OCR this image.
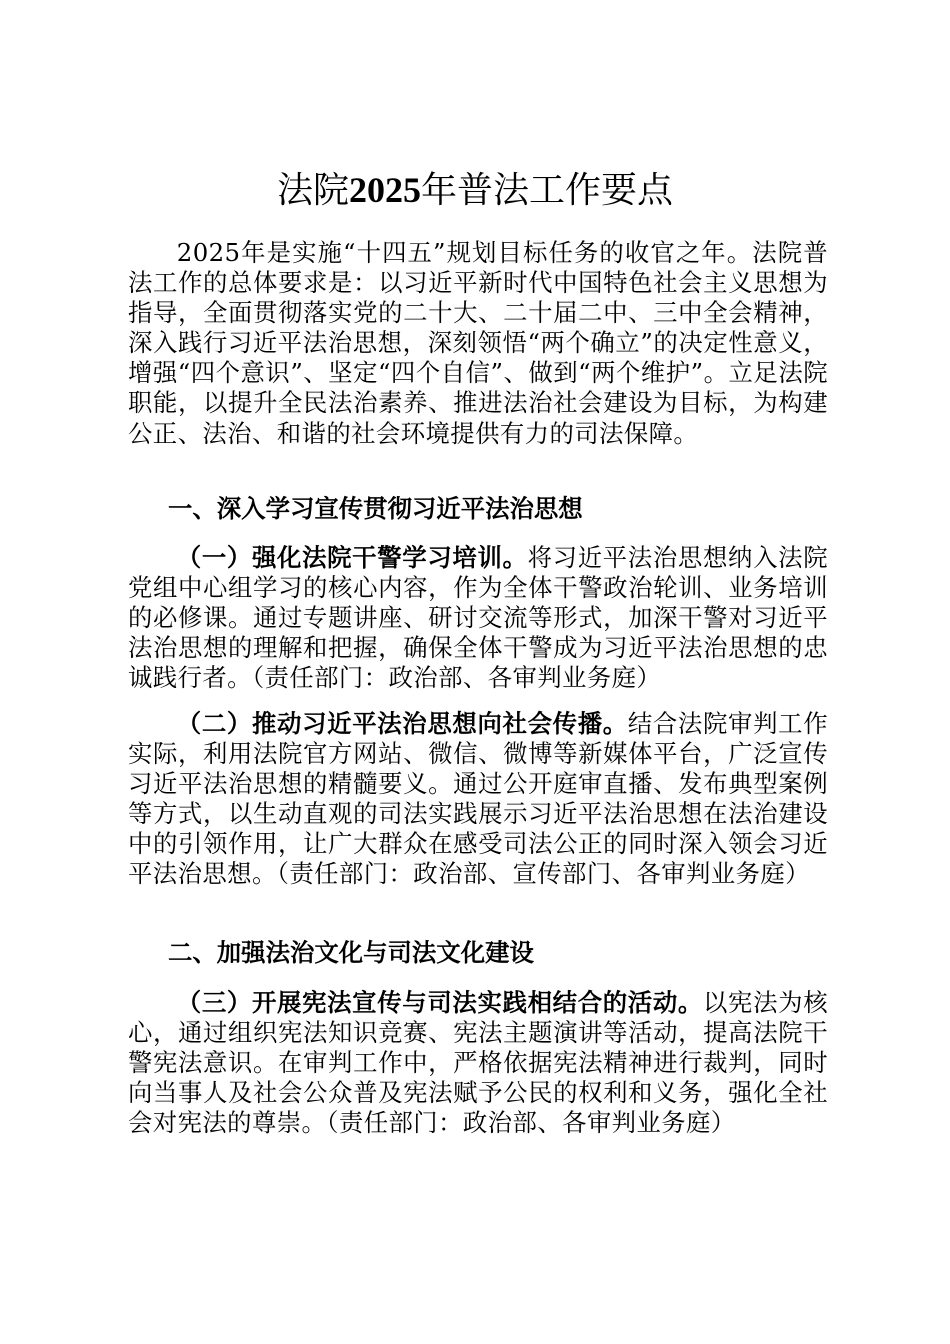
法院2025年普法工作要点
2025年是实施“十四五”规划目标任务的收官之年。法院普法工作的总体要求是：以习近平新时代中国特色社会主义思想为指导，全面贯彻落实党的二十大、二十届二中、三中全会精神，深入践行习近平法治思想，深刻领悟“两个确立”的决定性意义，增强“四个意识”、坚定“四个自信”、做到“两个维护”。立足法院职能，以提升全民法治素养、推进法治社会建设为目标，为构建公正、法治、和谐的社会环境提供有力的司法保障。
一、深入学习宣传贯彻习近平法治思想
（一）强化法院干警学习培训。将习近平法治思想纳入法院党组中心组学习的核心内容，作为全体干警政治轮训、业务培训的必修课。通过专题讲座、研讨交流等形式，加深干警对习近平法治思想的理解和把握，确保全体干警成为习近平法治思想的忠诚践行者。（责任部门：政治部、各审判业务庭）
（二）推动习近平法治思想向社会传播。结合法院审判工作实际，利用法院官方网站、微信、微博等新媒体平台，广泛宣传习近平法治思想的精髓要义。通过公开庭审直播、发布典型案例等方式，以生动直观的司法实践展示习近平法治思想在法治建设中的引领作用，让广大群众在感受司法公正的同时深入领会习近平法治思想。（责任部门：政治部、宣传部门、各审判业务庭）
二、加强法治文化与司法文化建设
（三）开展宪法宣传与司法实践相结合的活动。以宪法为核心，通过组织宪法知识竞赛、宪法主题演讲等活动，提高法院干警宪法意识。在审判工作中，严格依据宪法精神进行裁判，同时向当事人及社会公众普及宪法赋予公民的权利和义务，强化全社会对宪法的尊崇。（责任部门：政治部、各审判业务庭）
